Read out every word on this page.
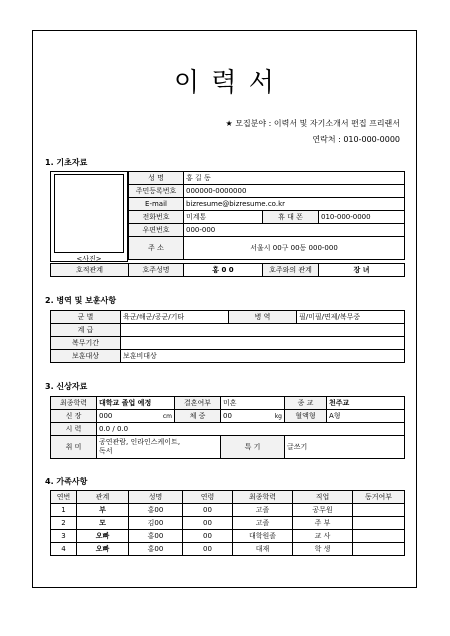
이 력 서
★ 모집분야 : 이력서 및 자기소개서 편집 프리랜서
연락처 : 010-000-0000
1. 기초자료
<사진>
성 명	홍 길 동		
주민등록번호	000000-0000000		
E-mail	bizresume@bizresume.co.kr		
전화번호	미계통	휴 대 폰	010-000-0000
우편번호	000-000		
주 소	서울시 00구 00동 000-000		
호적관계	호주성명	홍 0 0	호주와의 관계	장 녀
2. 병역 및 보훈사항
군 별	육군/해군/공군/기타	병 역	필/미필/면제/복무중
계 급			
복무기간			
보훈대상	보훈비대상		
3. 신상자료
최종학력	대학교 졸업 예정	결혼여부	미혼	종 교	천주교
신 장	000 cm	체 중	00 kg	혈액형	A형
시 력	0.0 / 0.0				
취 미	공연관람, 인라인스케이트,
독서		특 기	글쓰기	
4. 가족사항
연번	관계	성명	연령	최종학력	직업	동거여부
1	부	홍00	00	고졸	공무원	
2	모	김00	00	고졸	주 부	
3	오빠	홍00	00	대학원졸	교 사	
4	오빠	홍00	00	대재	학 생	
